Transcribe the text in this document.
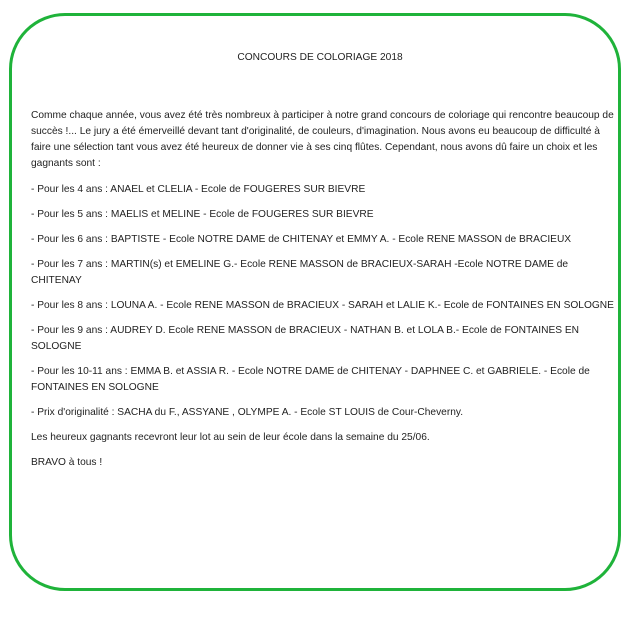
CONCOURS DE COLORIAGE 2018

Comme chaque année, vous avez été très nombreux à participer à notre grand concours de coloriage qui rencontre beaucoup de succès !... Le jury a été émerveillé devant tant d'originalité, de couleurs, d'imagination. Nous avons eu beaucoup de difficulté à faire une sélection tant vous avez été heureux de donner vie à ses cinq flûtes. Cependant, nous avons dû faire un choix et les gagnants sont :

- Pour les 4 ans : ANAEL et CLELIA - Ecole de FOUGERES SUR BIEVRE

- Pour les 5 ans : MAELIS et MELINE - Ecole de FOUGERES SUR BIEVRE

- Pour les 6 ans : BAPTISTE - Ecole NOTRE DAME de CHITENAY et EMMY A. - Ecole RENE MASSON de BRACIEUX

- Pour les 7 ans : MARTIN(s) et EMELINE G.- Ecole RENE MASSON de BRACIEUX-SARAH -Ecole NOTRE DAME de CHITENAY

- Pour les 8 ans : LOUNA A. - Ecole RENE MASSON de BRACIEUX - SARAH et LALIE K.- Ecole de FONTAINES EN SOLOGNE

- Pour les 9 ans : AUDREY D. Ecole RENE MASSON de BRACIEUX - NATHAN B. et LOLA B.- Ecole de FONTAINES EN SOLOGNE

- Pour les 10-11 ans : EMMA B. et ASSIA R. - Ecole NOTRE DAME de CHITENAY - DAPHNEE C. et GABRIELE. - Ecole de FONTAINES EN SOLOGNE

- Prix d'originalité : SACHA du F., ASSYANE , OLYMPE A. - Ecole ST LOUIS de Cour-Cheverny.

Les heureux gagnants recevront leur lot au sein de leur école dans la semaine du 25/06.

BRAVO à tous !
